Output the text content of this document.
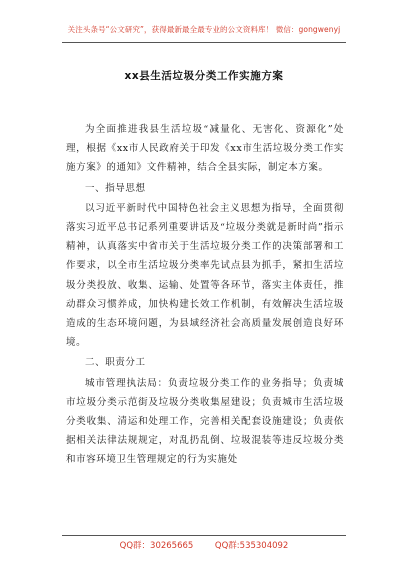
关注头条号“公文研究”，获得最新最全最专业的公文资料库！ 微信：gongwenyj
xx县生活垃圾分类工作实施方案

为全面推进我县生活垃圾“减量化、无害化、资源化”处理，根据《xx市人民政府关于印发《xx市生活垃圾分类工作实施方案》的通知》文件精神，结合全县实际，制定本方案。

一、指导思想

以习近平新时代中国特色社会主义思想为指导，全面贯彻落实习近平总书记系列重要讲话及“垃圾分类就是新时尚”指示精神，认真落实中省市关于生活垃圾分类工作的决策部署和工作要求，以全市生活垃圾分类率先试点县为抓手，紧扣生活垃圾分类投放、收集、运输、处置等各环节，落实主体责任，推动群众习惯养成，加快构建长效工作机制，有效解决生活垃圾造成的生态环境问题，为县域经济社会高质量发展创造良好环境。

二、职责分工

城市管理执法局：负责垃圾分类工作的业务指导；负责城市垃圾分类示范街及垃圾分类收集屋建设；负责城市生活垃圾分类收集、清运和处理工作，完善相关配套设施建设；负责依据相关法律法规规定，对乱扔乱倒、垃圾混装等违反垃圾分类和市容环境卫生管理规定的行为实施处

QQ群：30265665        QQ群:535304092
